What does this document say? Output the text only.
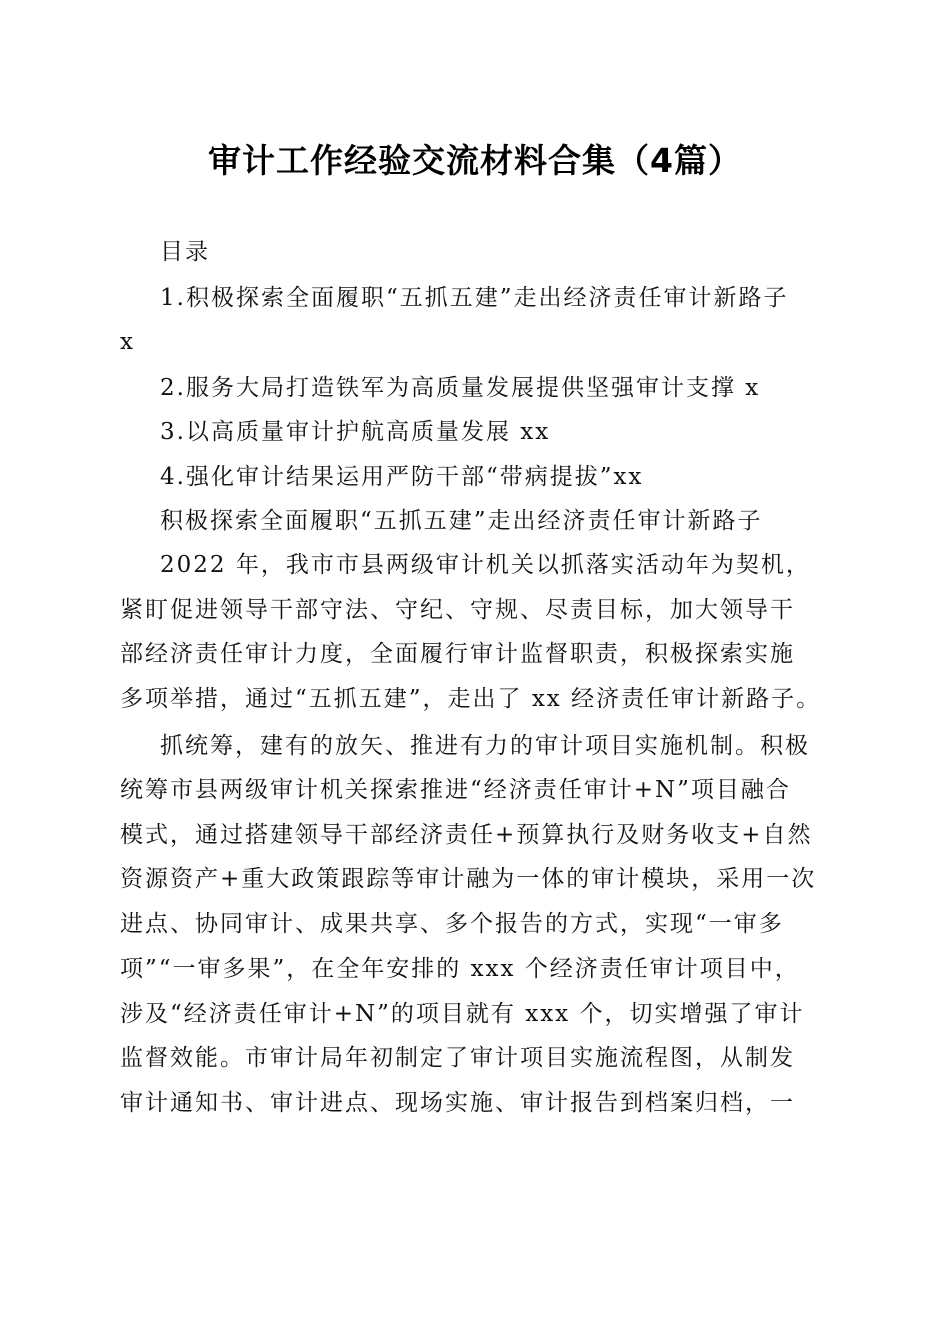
审计工作经验交流材料合集（4篇）
目录
1.积极探索全面履职“五抓五建”走出经济责任审计新路子
x
2.服务大局打造铁军为高质量发展提供坚强审计支撑 x
3.以高质量审计护航高质量发展 xx
4.强化审计结果运用严防干部“带病提拔”xx
积极探索全面履职“五抓五建”走出经济责任审计新路子
2022 年，我市市县两级审计机关以抓落实活动年为契机，
紧盯促进领导干部守法、守纪、守规、尽责目标，加大领导干
部经济责任审计力度，全面履行审计监督职责，积极探索实施
多项举措，通过“五抓五建”，走出了 xx 经济责任审计新路子。
抓统筹，建有的放矢、推进有力的审计项目实施机制。积极
统筹市县两级审计机关探索推进“经济责任审计+N”项目融合
模式，通过搭建领导干部经济责任+预算执行及财务收支+自然
资源资产+重大政策跟踪等审计融为一体的审计模块，采用一次
进点、协同审计、成果共享、多个报告的方式，实现“一审多
项”“一审多果”，在全年安排的 xxx 个经济责任审计项目中，
涉及“经济责任审计+N”的项目就有 xxx 个，切实增强了审计
监督效能。市审计局年初制定了审计项目实施流程图，从制发
审计通知书、审计进点、现场实施、审计报告到档案归档，一
